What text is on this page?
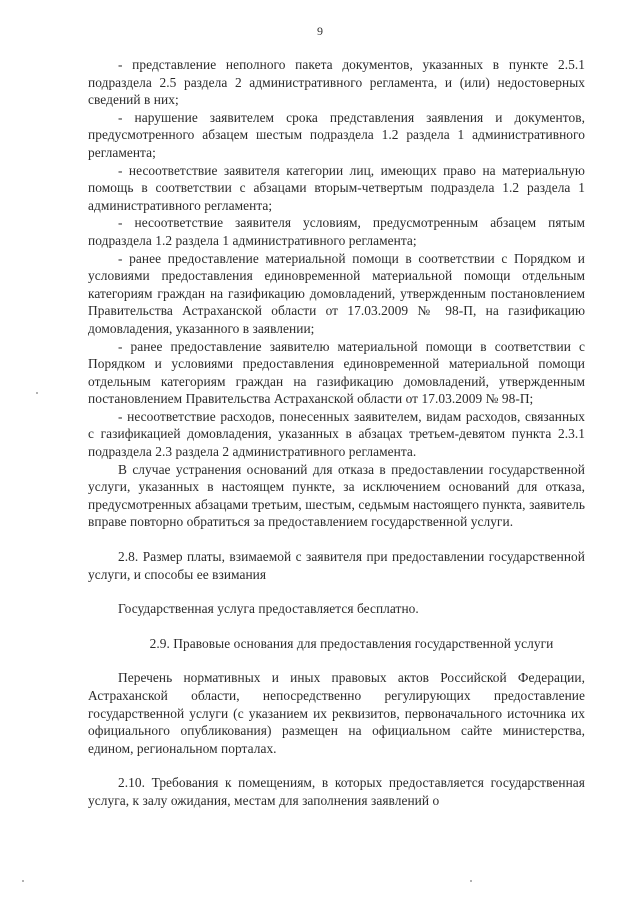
9

- представление неполного пакета документов, указанных в пункте 2.5.1 подраздела 2.5 раздела 2 административного регламента, и (или) недостоверных сведений в них;

- нарушение заявителем срока представления заявления и документов, предусмотренного абзацем шестым подраздела 1.2 раздела 1 административного регламента;

- несоответствие заявителя категории лиц, имеющих право на материальную помощь в соответствии с абзацами вторым-четвертым подраздела 1.2 раздела 1 административного регламента;

- несоответствие заявителя условиям, предусмотренным абзацем пятым подраздела 1.2 раздела 1 административного регламента;

- ранее предоставление материальной помощи в соответствии с Порядком и условиями предоставления единовременной материальной помощи отдельным категориям граждан на газификацию домовладений, утвержденным постановлением Правительства Астраханской области от 17.03.2009 № 98-П, на газификацию домовладения, указанного в заявлении;

- ранее предоставление заявителю материальной помощи в соответствии с Порядком и условиями предоставления единовременной материальной помощи отдельным категориям граждан на газификацию домовладений, утвержденным постановлением Правительства Астраханской области от 17.03.2009 № 98-П;

- несоответствие расходов, понесенных заявителем, видам расходов, связанных с газификацией домовладения, указанных в абзацах третьем-девятом пункта 2.3.1 подраздела 2.3 раздела 2 административного регламента.

В случае устранения оснований для отказа в предоставлении государственной услуги, указанных в настоящем пункте, за исключением оснований для отказа, предусмотренных абзацами третьим, шестым, седьмым настоящего пункта, заявитель вправе повторно обратиться за предоставлением государственной услуги.

2.8. Размер платы, взимаемой с заявителя при предоставлении государственной услуги, и способы ее взимания

Государственная услуга предоставляется бесплатно.

2.9. Правовые основания для предоставления государственной услуги

Перечень нормативных и иных правовых актов Российской Федерации, Астраханской области, непосредственно регулирующих предоставление государственной услуги (с указанием их реквизитов, первоначального источника их официального опубликования) размещен на официальном сайте министерства, едином, региональном порталах.

2.10. Требования к помещениям, в которых предоставляется государственная услуга, к залу ожидания, местам для заполнения заявлений о
